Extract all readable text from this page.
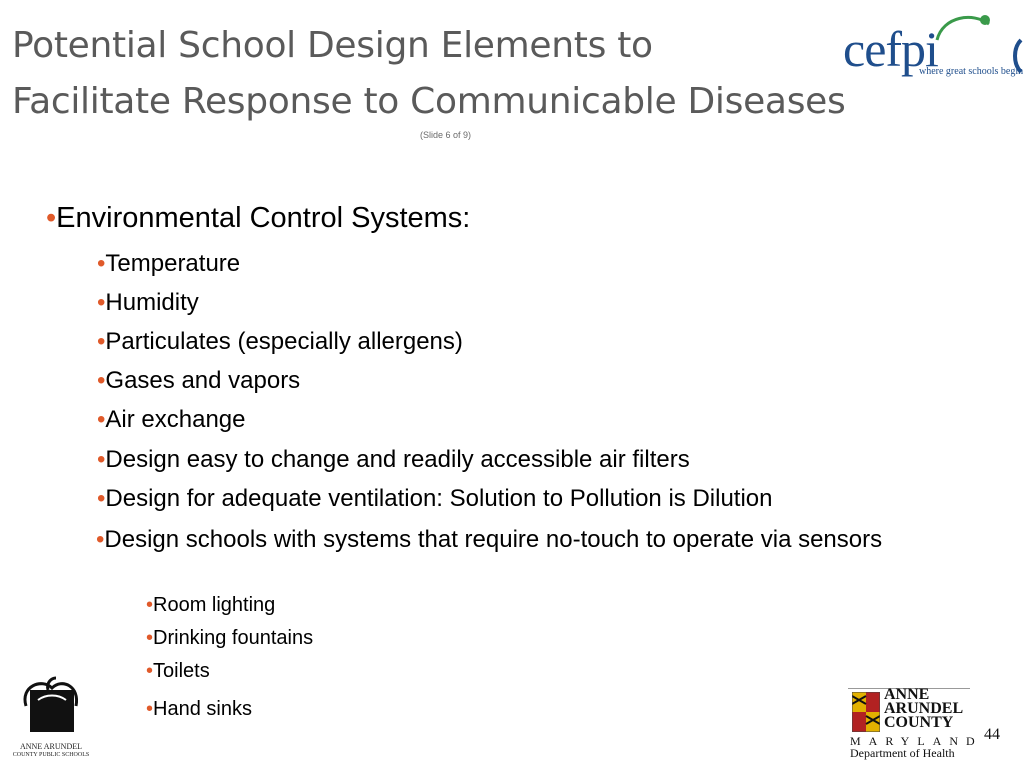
Potential School Design Elements to
Facilitate Response to Communicable Diseases
(Slide 6 of 9)
cefpi
where great schools begin
•Environmental Control Systems:
•Temperature
•Humidity
•Particulates (especially allergens)
•Gases and vapors
•Air exchange
•Design easy to change and readily accessible air filters
•Design for adequate ventilation: Solution to Pollution is Dilution
•Design schools with systems that require no-touch to operate via sensors
•Room lighting
•Drinking fountains
•Toilets
•Hand sinks
ANNE ARUNDEL
COUNTY PUBLIC SCHOOLS
ANNE
ARUNDEL
COUNTY
MARYLAND
Department of Health
44
